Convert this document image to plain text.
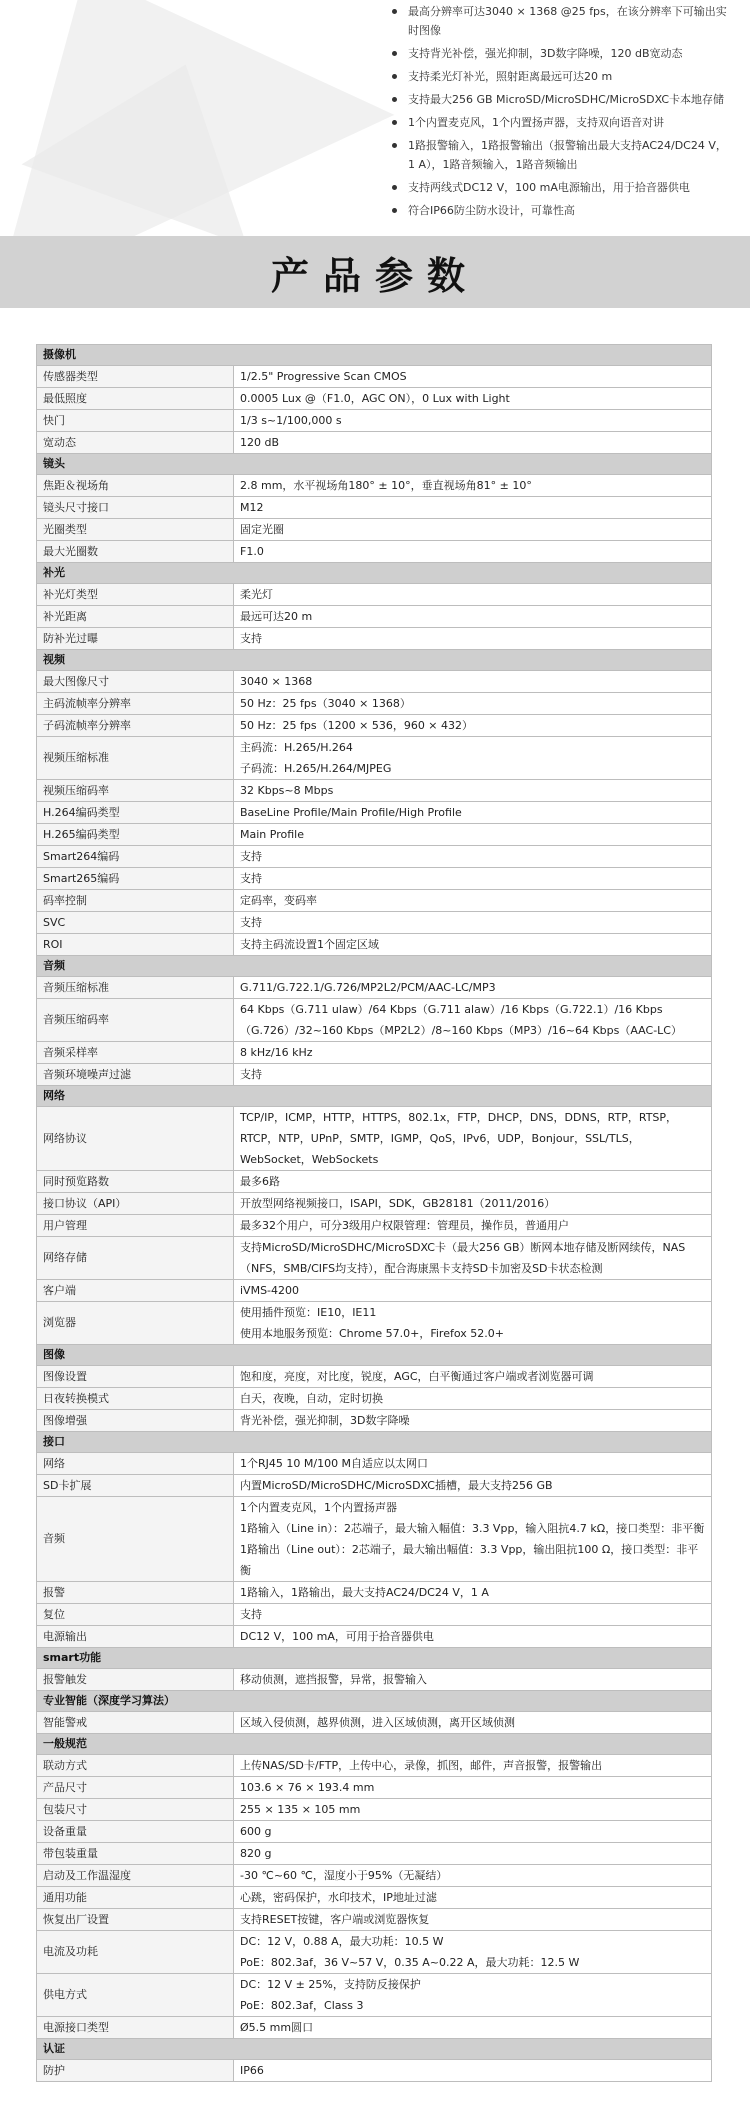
最高分辨率可达3040 × 1368 @25 fps，在该分辨率下可输出实时图像
支持背光补偿，强光抑制，3D数字降噪，120 dB宽动态
支持柔光灯补光，照射距离最远可达20 m
支持最大256 GB MicroSD/MicroSDHC/MicroSDXC卡本地存储
1个内置麦克风，1个内置扬声器，支持双向语音对讲
1路报警输入，1路报警输出（报警输出最大支持AC24/DC24 V，1 A），1路音频输入，1路音频输出
支持两线式DC12 V，100 mA电源输出，用于拾音器供电
符合IP66防尘防水设计，可靠性高
产品参数
摄像机	
传感器类型	1/2.5" Progressive Scan CMOS

最低照度	0.0005 Lux @（F1.0，AGC ON），0 Lux with Light

快门	1/3 s~1/100,000 s

宽动态	120 dB

镜头	
焦距＆视场角	2.8 mm，水平视场角180° ± 10°，垂直视场角81° ± 10°

镜头尺寸接口	M12

光圈类型	固定光圈

最大光圈数	F1.0

补光	
补光灯类型	柔光灯

补光距离	最远可达20 m

防补光过曝	支持

视频	
最大图像尺寸	3040 × 1368

主码流帧率分辨率	50 Hz：25 fps（3040 × 1368）

子码流帧率分辨率	50 Hz：25 fps（1200 × 536，960 × 432）

视频压缩标准	主码流：H.265/H.264
子码流：H.265/H.264/MJPEG

视频压缩码率	32 Kbps~8 Mbps

H.264编码类型	BaseLine Profile/Main Profile/High Profile

H.265编码类型	Main Profile

Smart264编码	支持

Smart265编码	支持

码率控制	定码率，变码率

SVC	支持

ROI	支持主码流设置1个固定区域

音频	
音频压缩标准	G.711/G.722.1/G.726/MP2L2/PCM/AAC-LC/MP3

音频压缩码率	64 Kbps（G.711 ulaw）/64 Kbps（G.711 alaw）/16 Kbps（G.722.1）/16 Kbps（G.726）/32~160 Kbps（MP2L2）/8~160 Kbps（MP3）/16~64 Kbps（AAC-LC）

音频采样率	8 kHz/16 kHz

音频环境噪声过滤	支持

网络	
网络协议	TCP/IP，ICMP，HTTP，HTTPS，802.1x，FTP，DHCP，DNS，DDNS，RTP，RTSP，RTCP，NTP，UPnP，SMTP，IGMP，QoS，IPv6，UDP，Bonjour，SSL/TLS，WebSocket，WebSockets

同时预览路数	最多6路

接口协议（API）	开放型网络视频接口，ISAPI，SDK，GB28181（2011/2016）

用户管理	最多32个用户，可分3级用户权限管理：管理员，操作员，普通用户

网络存储	支持MicroSD/MicroSDHC/MicroSDXC卡（最大256 GB）断网本地存储及断网续传，NAS（NFS，SMB/CIFS均支持），配合海康黑卡支持SD卡加密及SD卡状态检测

客户端	iVMS-4200

浏览器	使用插件预览：IE10，IE11
使用本地服务预览：Chrome 57.0+，Firefox 52.0+

图像	
图像设置	饱和度，亮度，对比度，锐度，AGC，白平衡通过客户端或者浏览器可调

日夜转换模式	白天，夜晚，自动，定时切换

图像增强	背光补偿，强光抑制，3D数字降噪

接口	
网络	1个RJ45 10 M/100 M自适应以太网口

SD卡扩展	内置MicroSD/MicroSDHC/MicroSDXC插槽，最大支持256 GB

音频	1个内置麦克风，1个内置扬声器
1路输入（Line in）：2芯端子，最大输入幅值：3.3 Vpp，输入阻抗4.7 kΩ，接口类型：非平衡
1路输出（Line out）：2芯端子，最大输出幅值：3.3 Vpp，输出阻抗100 Ω，接口类型：非平衡

报警	1路输入，1路输出，最大支持AC24/DC24 V，1 A

复位	支持

电源输出	DC12 V，100 mA，可用于拾音器供电

smart功能	
报警触发	移动侦测，遮挡报警，异常，报警输入

专业智能（深度学习算法）	
智能警戒	区域入侵侦测，越界侦测，进入区域侦测，离开区域侦测

一般规范	
联动方式	上传NAS/SD卡/FTP，上传中心，录像，抓图，邮件，声音报警，报警输出

产品尺寸	103.6 × 76 × 193.4 mm

包装尺寸	255 × 135 × 105 mm

设备重量	600 g

带包装重量	820 g

启动及工作温湿度	-30 ℃~60 ℃，湿度小于95%（无凝结）

通用功能	心跳，密码保护，水印技术，IP地址过滤

恢复出厂设置	支持RESET按键，客户端或浏览器恢复

电流及功耗	DC：12 V，0.88 A，最大功耗：10.5 W
PoE：802.3af，36 V~57 V，0.35 A~0.22 A，最大功耗：12.5 W

供电方式	DC：12 V ± 25%，支持防反接保护
PoE：802.3af，Class 3

电源接口类型	Ø5.5 mm圆口

认证	
防护	IP66
